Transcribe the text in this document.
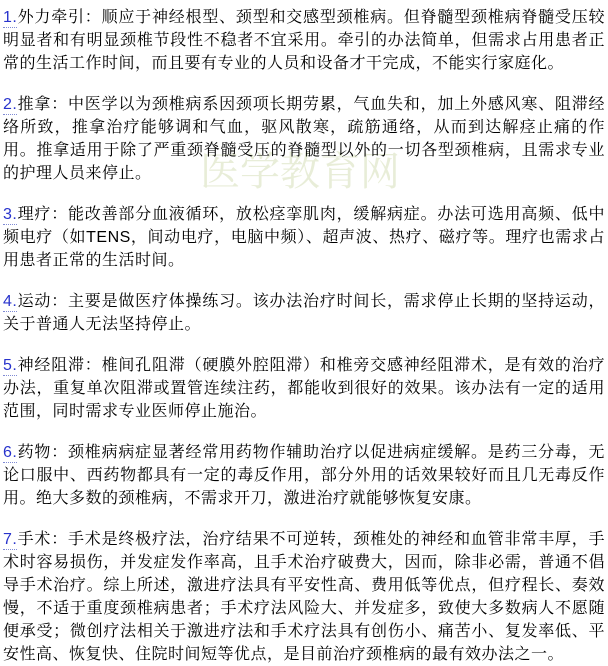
医学教育网

1.外力牵引：顺应于神经根型、颈型和交感型颈椎病。但脊髓型颈椎病脊髓受压较明显者和有明显颈椎节段性不稳者不宜采用。牵引的办法简单，但需求占用患者正常的生活工作时间，而且要有专业的人员和设备才干完成，不能实行家庭化。

2.推拿：中医学以为颈椎病系因颈项长期劳累，气血失和，加上外感风寒、阻滞经络所致，推拿治疗能够调和气血，驱风散寒，疏筋通络，从而到达解痉止痛的作用。推拿适用于除了严重颈脊髓受压的脊髓型以外的一切各型颈椎病，且需求专业的护理人员来停止。

3.理疗：能改善部分血液循环，放松痉挛肌肉，缓解病症。办法可选用高频、低中频电疗（如TENS，间动电疗，电脑中频）、超声波、热疗、磁疗等。理疗也需求占用患者正常的生活时间。

4.运动：主要是做医疗体操练习。该办法治疗时间长，需求停止长期的坚持运动，关于普通人无法坚持停止。

5.神经阻滞：椎间孔阻滞（硬膜外腔阻滞）和椎旁交感神经阻滞术，是有效的治疗办法，重复单次阻滞或置管连续注药，都能收到很好的效果。该办法有一定的适用范围，同时需求专业医师停止施治。

6.药物：颈椎病病症显著经常用药物作辅助治疗以促进病症缓解。是药三分毒，无论口服中、西药物都具有一定的毒反作用，部分外用的话效果较好而且几无毒反作用。绝大多数的颈椎病，不需求开刀，激进治疗就能够恢复安康。

7.手术：手术是终极疗法，治疗结果不可逆转，颈椎处的神经和血管非常丰厚，手术时容易损伤，并发症发作率高，且手术治疗破费大，因而，除非必需，普通不倡导手术治疗。综上所述，激进疗法具有平安性高、费用低等优点，但疗程长、奏效慢，不适于重度颈椎病患者；手术疗法风险大、并发症多，致使大多数病人不愿随便承受；微创疗法相关于激进疗法和手术疗法具有创伤小、痛苦小、复发率低、平安性高、恢复快、住院时间短等优点，是目前治疗颈椎病的最有效办法之一。
